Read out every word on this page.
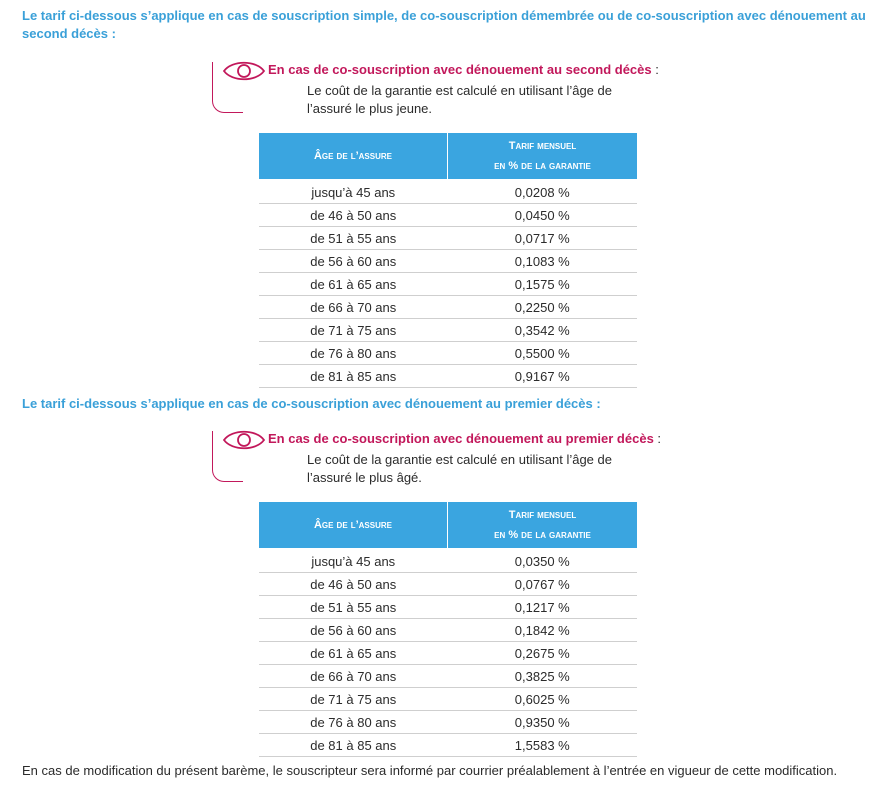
Le tarif ci-dessous s’applique en cas de souscription simple, de co-souscription démembrée ou de co-souscription avec dénouement au second décès :

En cas de co-souscription avec dénouement au second décès :
Le coût de la garantie est calculé en utilisant l’âge de l’assuré le plus jeune.
Âge de l’assure	Tarif mensuel
en % de la garantie
jusqu’à 45 ans	0,0208 %
de 46 à 50 ans	0,0450 %
de 51 à 55 ans	0,0717 %
de 56 à 60 ans	0,1083 %
de 61 à 65 ans	0,1575 %
de 66 à 70 ans	0,2250 %
de 71 à 75 ans	0,3542 %
de 76 à 80 ans	0,5500 %
de 81 à 85 ans	0,9167 %

Le tarif ci-dessous s’applique en cas de co-souscription avec dénouement au premier décès :

En cas de co-souscription avec dénouement au premier décès :
Le coût de la garantie est calculé en utilisant l’âge de l’assuré le plus âgé.
Âge de l’assure	Tarif mensuel
en % de la garantie
jusqu’à 45 ans	0,0350 %
de 46 à 50 ans	0,0767 %
de 51 à 55 ans	0,1217 %
de 56 à 60 ans	0,1842 %
de 61 à 65 ans	0,2675 %
de 66 à 70 ans	0,3825 %
de 71 à 75 ans	0,6025 %
de 76 à 80 ans	0,9350 %
de 81 à 85 ans	1,5583 %

En cas de modification du présent barème, le souscripteur sera informé par courrier préalablement à l’entrée en vigueur de cette modification.
